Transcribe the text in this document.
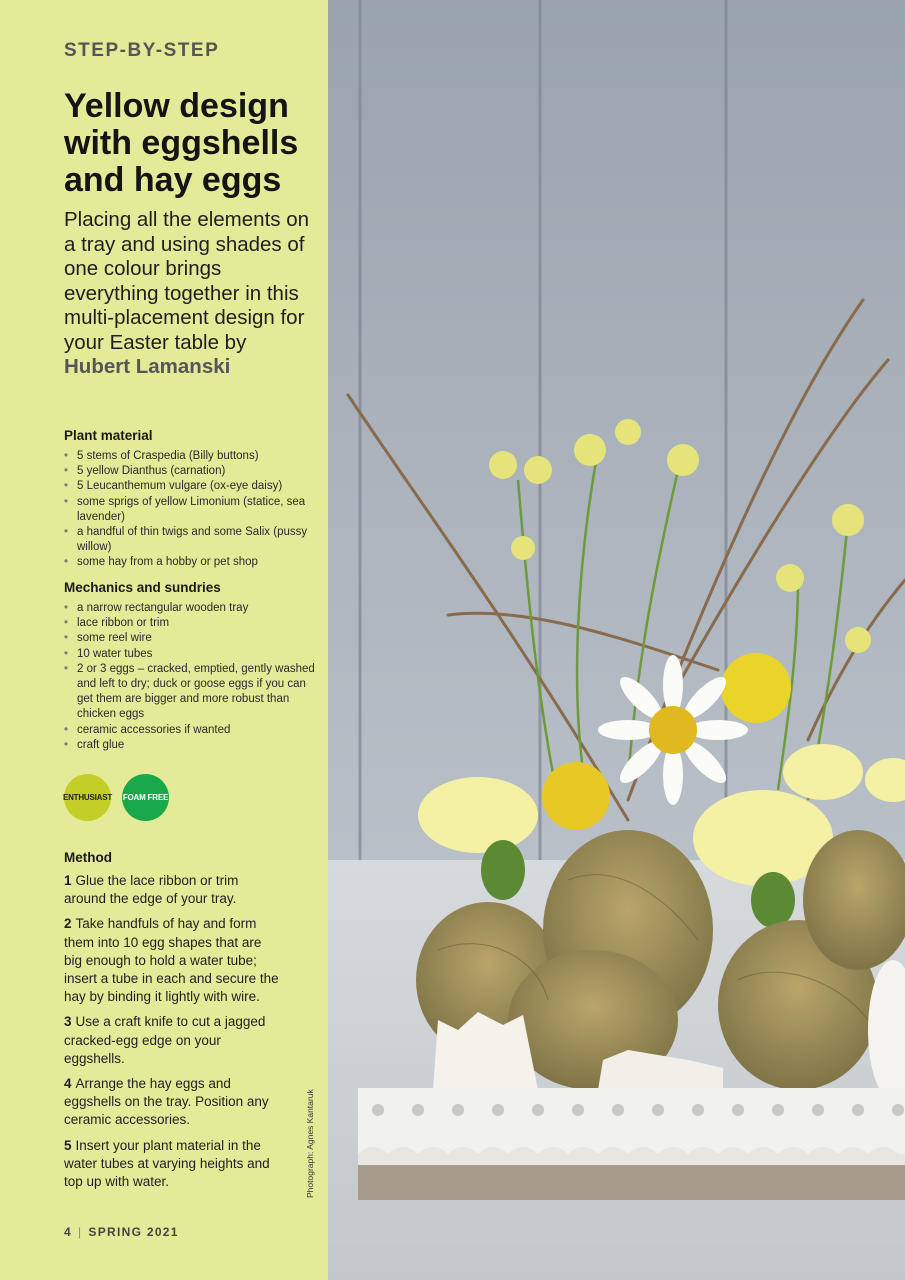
STEP-BY-STEP
Yellow design with eggshells and hay eggs

Placing all the elements on a tray and using shades of one colour brings everything together in this multi-placement design for your Easter table by
Hubert Lamanski

Plant material
• 5 stems of Craspedia (Billy buttons)
• 5 yellow Dianthus (carnation)
• 5 Leucanthemum vulgare (ox-eye daisy)
• some sprigs of yellow Limonium (statice, sea lavender)
• a handful of thin twigs and some Salix (pussy willow)
• some hay from a hobby or pet shop
Mechanics and sundries
• a narrow rectangular wooden tray
• lace ribbon or trim
• some reel wire
• 10 water tubes
• 2 or 3 eggs – cracked, emptied, gently washed and left to dry; duck or goose eggs if you can get them are bigger and more robust than chicken eggs
• ceramic accessories if wanted
• craft glue
ENTHUSIAST FOAM FREE
Method

1 Glue the lace ribbon or trim around the edge of your tray.

2 Take handfuls of hay and form them into 10 egg shapes that are big enough to hold a water tube; insert a tube in each and secure the hay by binding it lightly with wire.

3 Use a craft knife to cut a jagged cracked-egg edge on your eggshells.

4 Arrange the hay eggs and eggshells on the tray. Position any ceramic accessories.

5 Insert your plant material in the water tubes at varying heights and top up with water.

4 | SPRING 2021
Photograph: Agnes Kantaruk
